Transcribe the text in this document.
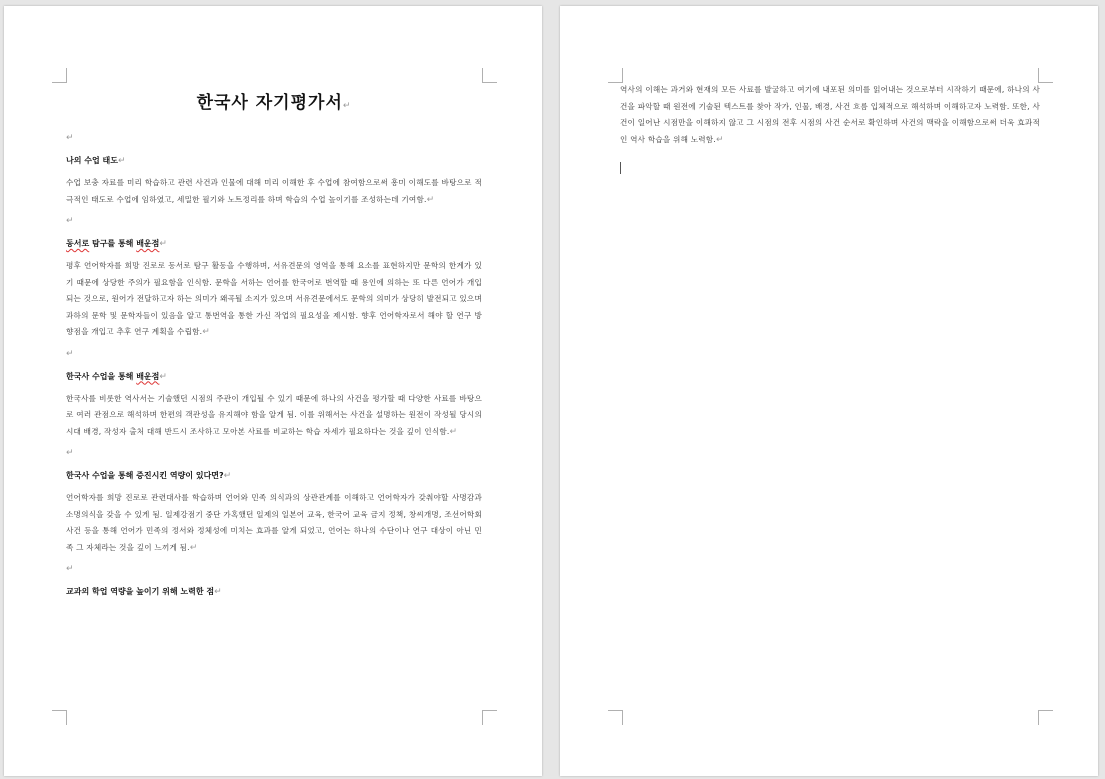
한국사 자기평가서↵
↵
나의 수업 태도↵
수업 보충 자료를 미리 학습하고 관련 사건과 인물에 대해 미리 이해한 후 수업에 참여함으로써 흥미 이해도를 바탕으로 적극적인 태도로 수업에 임하였고, 세밀한 필기와 노트정리를 하며 학습의 수업 높이기를 조성하는데 기여함.↵
↵
동서로 탐구를 통해 배운점↵
평후 언어학자를 희망 진로로 동서로 탐구 활동을 수행하며, 서유견문의 영역을 통해 요소를 표현하지만 문학의 한계가 있기 때문에 상당한 주의가 필요함을 인식함. 문학을 서하는 언어를 한국어로 번역할 때 용인에 의하는 또 다른 언어가 개입되는 것으로, 원어가 전달하고자 하는 의미가 왜곡될 소지가 있으며 서유견문에서도 문학의 의미가 상당히 발전되고 있으며 과하의 문학 및 문학자들이 있음을 알고 통번역을 통한 가신 작업의 필요성을 제시함. 향후 언어학자로서 해야 할 연구 방향점을 개입고 추후 연구 계획을 수립함.↵
↵
한국사 수업을 통해 배운점↵
한국사를 비롯한 역사서는 기술했던 시점의 주관이 개입될 수 있기 때문에 하나의 사건을 평가할 때 다양한 사료를 바탕으로 여러 관점으로 해석하며 한편의 객관성을 유지해야 함을 알게 됨. 이를 위해서는 사건을 설명하는 원전이 작성될 당시의 시대 배경, 작성자 출처 대해 반드시 조사하고 모아본 사료를 비교하는 학습 자세가 필요하다는 것을 깊이 인식함.↵
↵
한국사 수업을 통해 증진시킨 역량이 있다면?↵
언어학자를 희망 진로로 관련대사를 학습하며 언어와 민족 의식과의 상관관계를 이해하고 언어학자가 갖춰야할 사명감과 소명의식을 갖을 수 있게 됨. 일제강점기 중단 가혹했던 일제의 일본어 교육, 한국어 교육 금지 정책, 창씨개명, 조선어학회 사건 등을 통해 언어가 민족의 정서와 정체성에 미치는 효과를 알게 되었고, 언어는 하나의 수단이나 연구 대상이 아닌 민족 그 자체라는 것을 깊이 느끼게 됨.↵
↵
교과의 학업 역량을 높이기 위해 노력한 점↵
역사의 이해는 과거와 현재의 모든 사료를 발굴하고 여기에 내포된 의미를 읽어내는 것으로부터 시작하기 때문에, 하나의 사건을 파악할 때 원전에 기술된 텍스트를 찾아 작가, 인물, 배경, 사건 흐름 입체적으로 해석하며 이해하고자 노력함. 또한, 사건이 일어난 시점만을 이해하지 않고 그 시점의 전후 시점의 사건 순서로 확인하며 사건의 맥락을 이해함으로써 더욱 효과적인 역사 학습을 위해 노력함.↵
